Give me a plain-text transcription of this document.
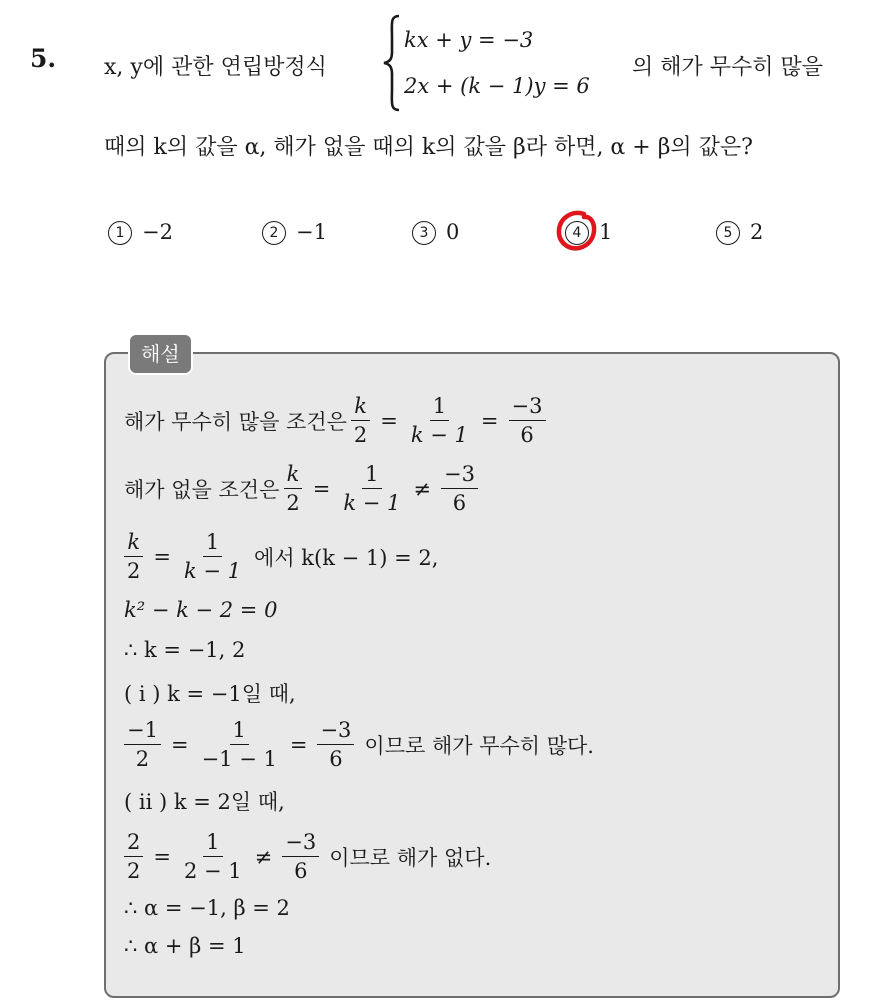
5. x, y에 관한 연립방정식
kx + y = −3
2x + (k − 1)y = 6
의 해가 무수히 많을
때의 k의 값을 α, 해가 없을 때의 k의 값을 β라 하면, α + β의 값은?
1 −2	2 −1	3 0	4 1	5 2
해설
해가 무수히 많을 조건은 $\frac{k}{2} = \frac{1}{k - 1} = \frac{-3}{6}$
해가 없을 조건은 $\frac{k}{2} = \frac{1}{k - 1} \ne \frac{-3}{6}$
$\frac{k}{2} = \frac{1}{k - 1}$ 에서 k(k − 1) = 2,
k² − k − 2 = 0
∴ k = −1, 2
( i ) k = −1일 때,
$\frac{-1}{2} = \frac{1}{-1 - 1} = \frac{-3}{6}$ 이므로 해가 무수히 많다.
( ii ) k = 2일 때,
$\frac{2}{2} = \frac{1}{2 - 1} \ne \frac{-3}{6}$ 이므로 해가 없다.
∴ α = −1, β = 2
∴ α + β = 1
